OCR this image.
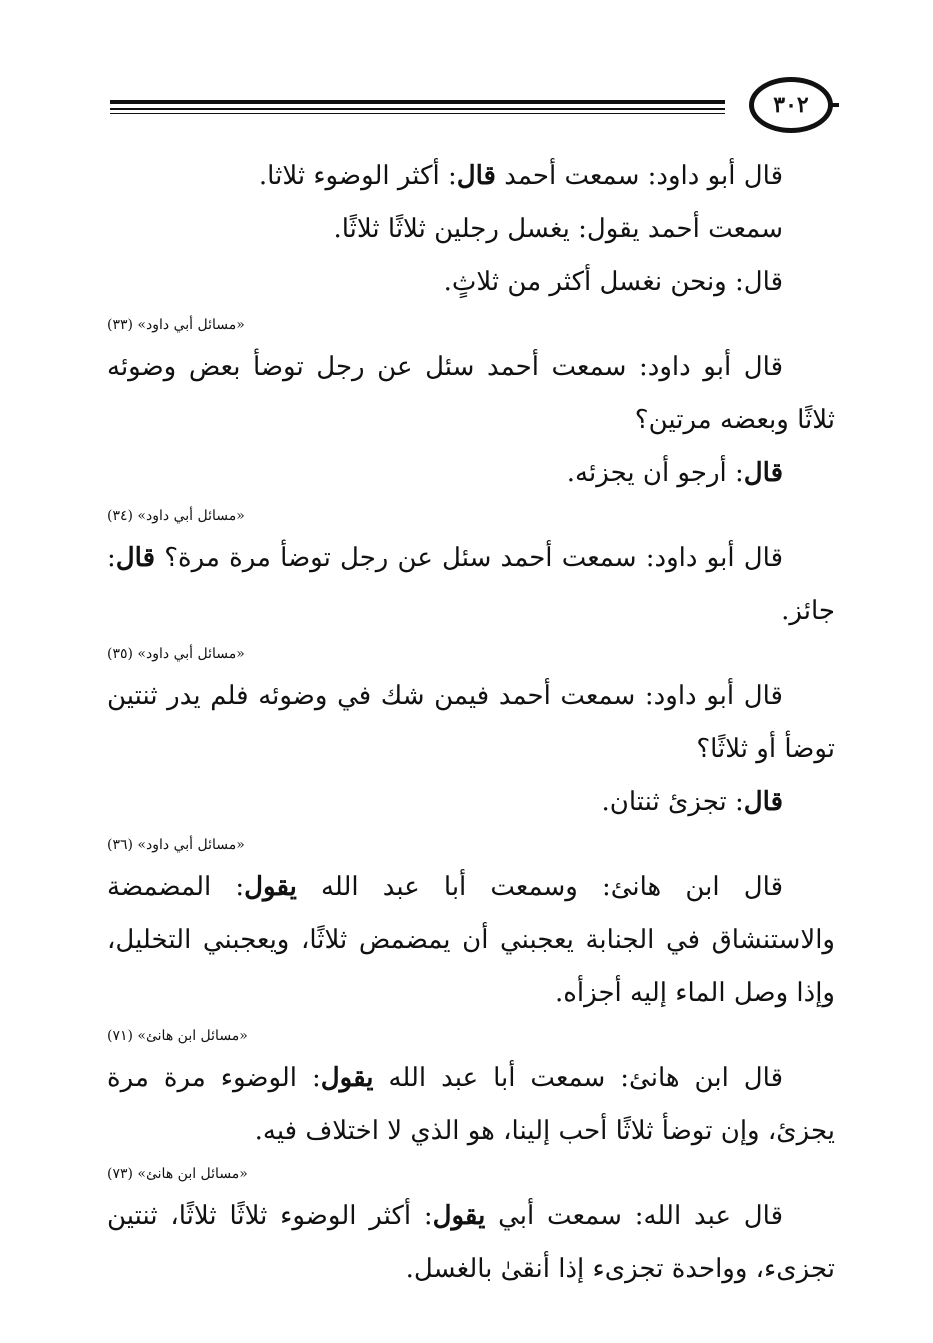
٣٠٢

قال أبو داود: سمعت أحمد قال: أكثر الوضوء ثلاثا.

سمعت أحمد يقول: يغسل رجلين ثلاثًا ثلاثًا.

قال: ونحن نغسل أكثر من ثلاثٍ.

«مسائل أبي داود» (٣٣)

قال أبو داود: سمعت أحمد سئل عن رجل توضأ بعض وضوئه ثلاثًا وبعضه مرتين؟

قال: أرجو أن يجزئه.

«مسائل أبي داود» (٣٤)

قال أبو داود: سمعت أحمد سئل عن رجل توضأ مرة مرة؟ قال: جائز.

«مسائل أبي داود» (٣٥)

قال أبو داود: سمعت أحمد فيمن شك في وضوئه فلم يدر ثنتين توضأ أو ثلاثًا؟

قال: تجزئ ثنتان.

«مسائل أبي داود» (٣٦)

قال ابن هانئ: وسمعت أبا عبد الله يقول: المضمضة والاستنشاق في الجنابة يعجبني أن يمضمض ثلاثًا، ويعجبني التخليل، وإذا وصل الماء إليه أجزأه.

«مسائل ابن هانئ» (٧١)

قال ابن هانئ: سمعت أبا عبد الله يقول: الوضوء مرة مرة يجزئ، وإن توضأ ثلاثًا أحب إلينا، هو الذي لا اختلاف فيه.

«مسائل ابن هانئ» (٧٣)

قال عبد الله: سمعت أبي يقول: أكثر الوضوء ثلاثًا ثلاثًا، ثنتين تجزىء، وواحدة تجزىء إذا أنقىٰ بالغسل.
